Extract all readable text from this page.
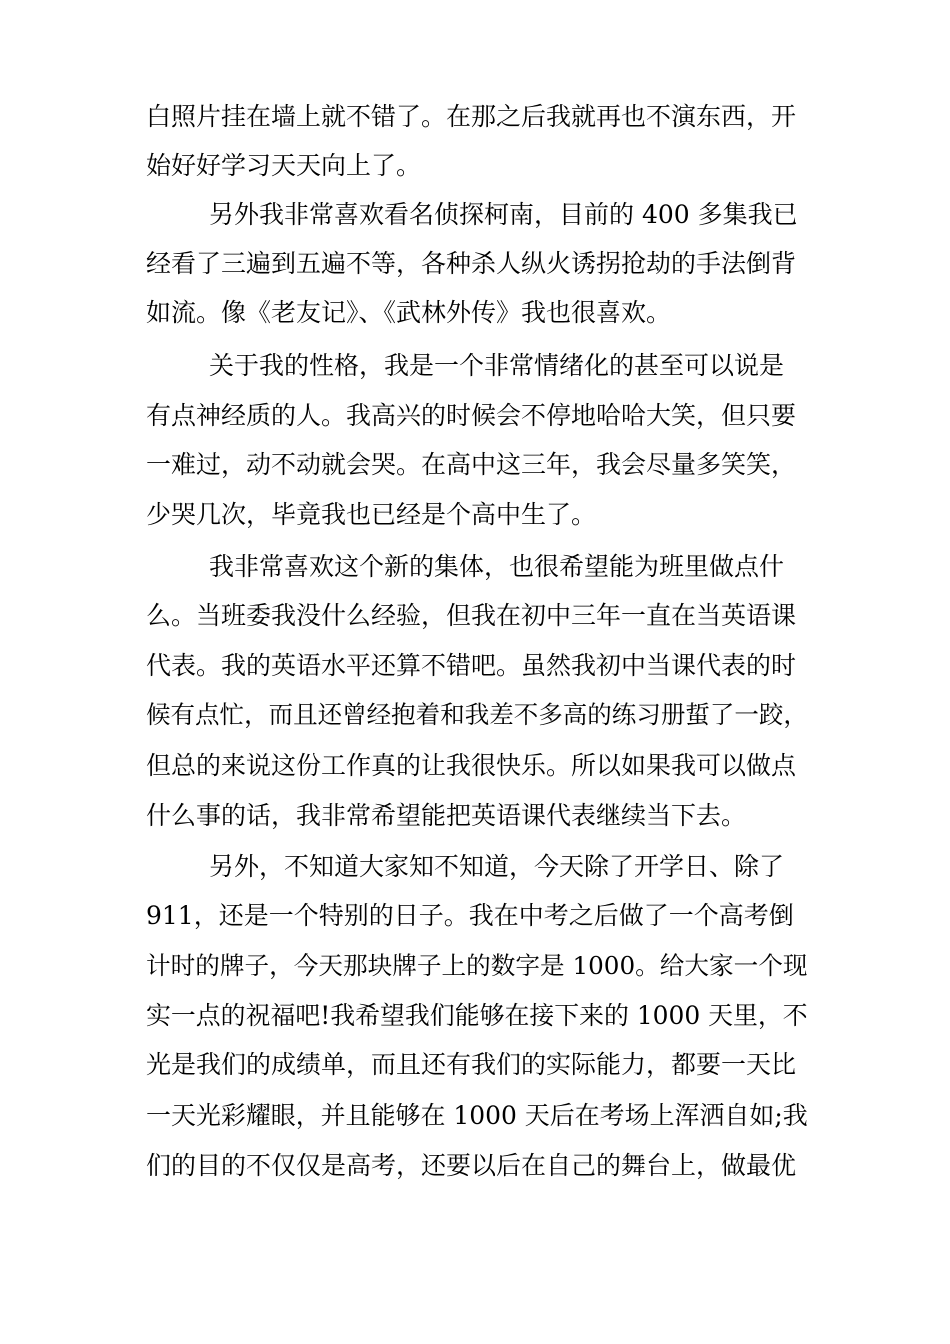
白照片挂在墙上就不错了。在那之后我就再也不演东西，开
始好好学习天天向上了。
另外我非常喜欢看名侦探柯南，目前的 400 多集我已
经看了三遍到五遍不等，各种杀人纵火诱拐抢劫的手法倒背
如流。像《老友记》、《武林外传》我也很喜欢。
关于我的性格，我是一个非常情绪化的甚至可以说是
有点神经质的人。我高兴的时候会不停地哈哈大笑，但只要
一难过，动不动就会哭。在高中这三年，我会尽量多笑笑，
少哭几次，毕竟我也已经是个高中生了。
我非常喜欢这个新的集体，也很希望能为班里做点什
么。当班委我没什么经验，但我在初中三年一直在当英语课
代表。我的英语水平还算不错吧。虽然我初中当课代表的时
候有点忙，而且还曾经抱着和我差不多高的练习册蜇了一跤，
但总的来说这份工作真的让我很快乐。所以如果我可以做点
什么事的话，我非常希望能把英语课代表继续当下去。
另外，不知道大家知不知道，今天除了开学日、除了
911，还是一个特别的日子。我在中考之后做了一个高考倒
计时的牌子，今天那块牌子上的数字是 1000。给大家一个现
实一点的祝福吧!我希望我们能够在接下来的 1000 天里，不
光是我们的成绩单，而且还有我们的实际能力，都要一天比
一天光彩耀眼，并且能够在 1000 天后在考场上浑洒自如;我
们的目的不仅仅是高考，还要以后在自己的舞台上，做最优
